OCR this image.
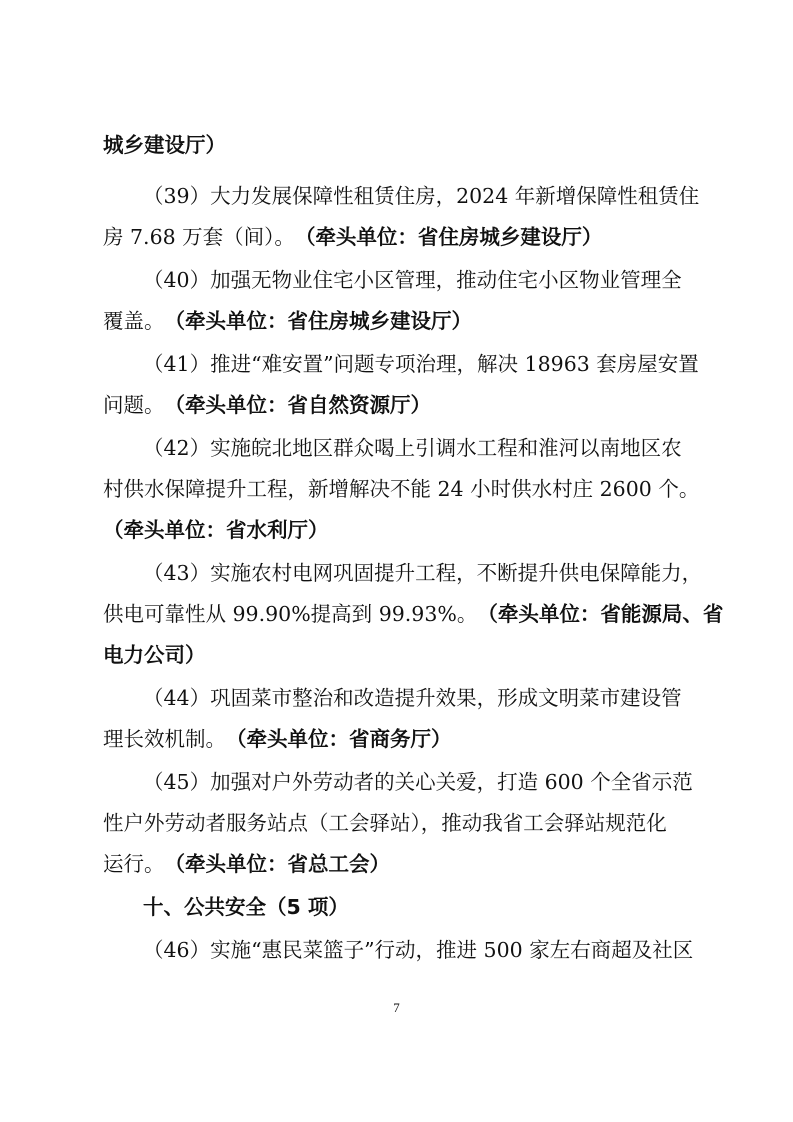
城乡建设厅）
（39）大力发展保障性租赁住房，2024 年新增保障性租赁住
房 7.68 万套（间）。（牵头单位：省住房城乡建设厅）
（40）加强无物业住宅小区管理，推动住宅小区物业管理全
覆盖。（牵头单位：省住房城乡建设厅）
（41）推进“难安置”问题专项治理，解决 18963 套房屋安置
问题。（牵头单位：省自然资源厅）
（42）实施皖北地区群众喝上引调水工程和淮河以南地区农
村供水保障提升工程，新增解决不能 24 小时供水村庄 2600 个。
（牵头单位：省水利厅）
（43）实施农村电网巩固提升工程，不断提升供电保障能力，
供电可靠性从 99.90%提高到 99.93%。（牵头单位：省能源局、省
电力公司）
（44）巩固菜市整治和改造提升效果，形成文明菜市建设管
理长效机制。（牵头单位：省商务厅）
（45）加强对户外劳动者的关心关爱，打造 600 个全省示范
性户外劳动者服务站点（工会驿站），推动我省工会驿站规范化
运行。（牵头单位：省总工会）
十、公共安全（5 项）
（46）实施“惠民菜篮子”行动，推进 500 家左右商超及社区
7
